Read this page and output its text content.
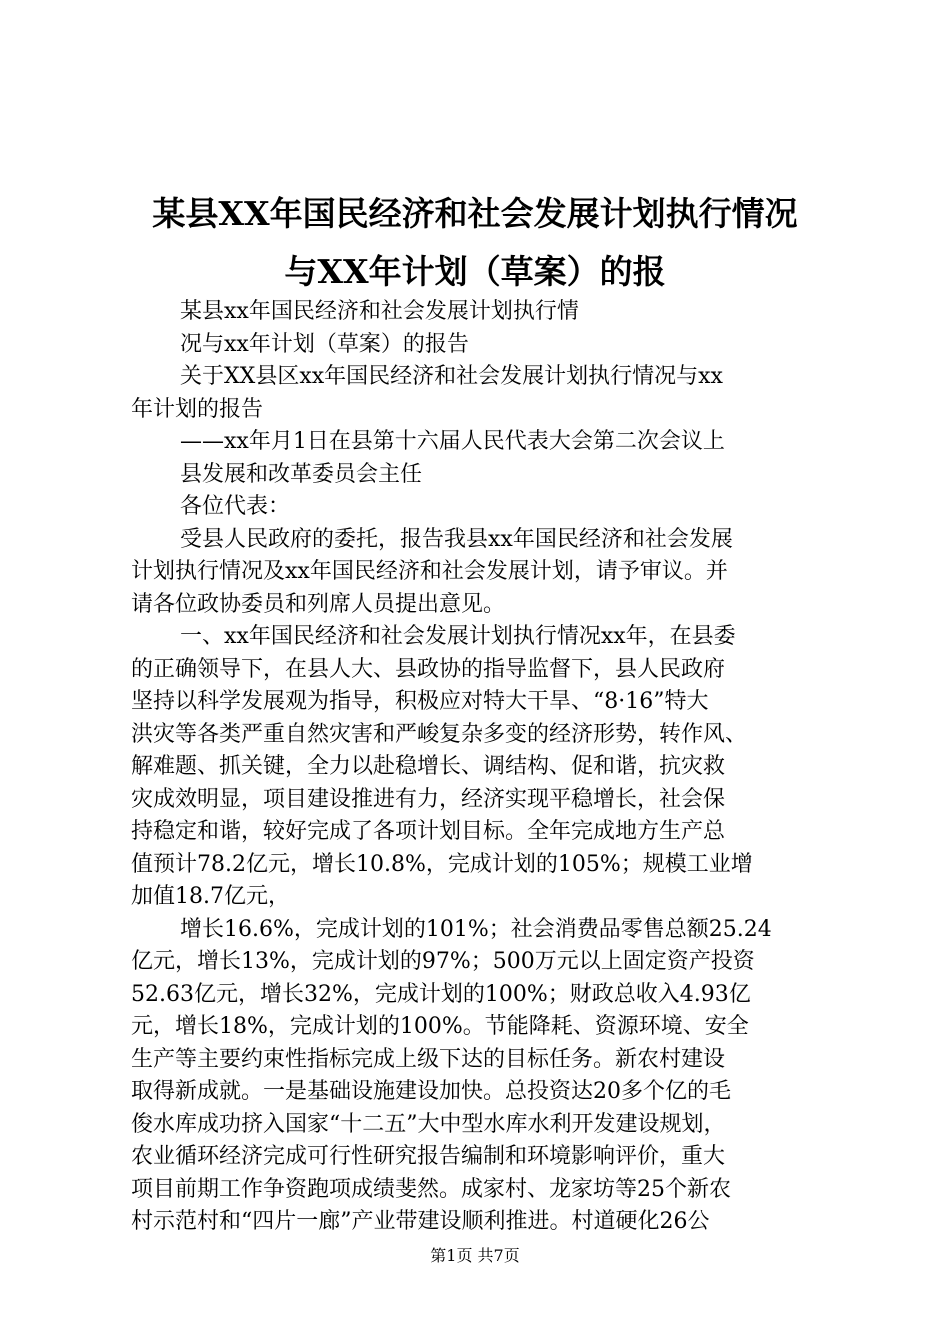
某县XX年国民经济和社会发展计划执行情况
与XX年计划（草案）的报
某县xx年国民经济和社会发展计划执行情
况与xx年计划（草案）的报告
关于XX县区xx年国民经济和社会发展计划执行情况与xx
年计划的报告
——xx年月1日在县第十六届人民代表大会第二次会议上
县发展和改革委员会主任
各位代表：
受县人民政府的委托，报告我县xx年国民经济和社会发展
计划执行情况及xx年国民经济和社会发展计划，请予审议。并
请各位政协委员和列席人员提出意见。
一、xx年国民经济和社会发展计划执行情况xx年，在县委
的正确领导下，在县人大、县政协的指导监督下，县人民政府
坚持以科学发展观为指导，积极应对特大干旱、“8·16”特大
洪灾等各类严重自然灾害和严峻复杂多变的经济形势，转作风、
解难题、抓关键，全力以赴稳增长、调结构、促和谐，抗灾救
灾成效明显，项目建设推进有力，经济实现平稳增长，社会保
持稳定和谐，较好完成了各项计划目标。全年完成地方生产总
值预计78.2亿元，增长10.8%，完成计划的105%；规模工业增
加值18.7亿元，
增长16.6%，完成计划的101%；社会消费品零售总额25.24
亿元，增长13%，完成计划的97%；500万元以上固定资产投资
52.63亿元，增长32%，完成计划的100%；财政总收入4.93亿
元，增长18%，完成计划的100%。节能降耗、资源环境、安全
生产等主要约束性指标完成上级下达的目标任务。新农村建设
取得新成就。一是基础设施建设加快。总投资达20多个亿的毛
俊水库成功挤入国家“十二五”大中型水库水利开发建设规划，
农业循环经济完成可行性研究报告编制和环境影响评价，重大
项目前期工作争资跑项成绩斐然。成家村、龙家坊等25个新农
村示范村和“四片一廊”产业带建设顺利推进。村道硬化26公
第1页 共7页
